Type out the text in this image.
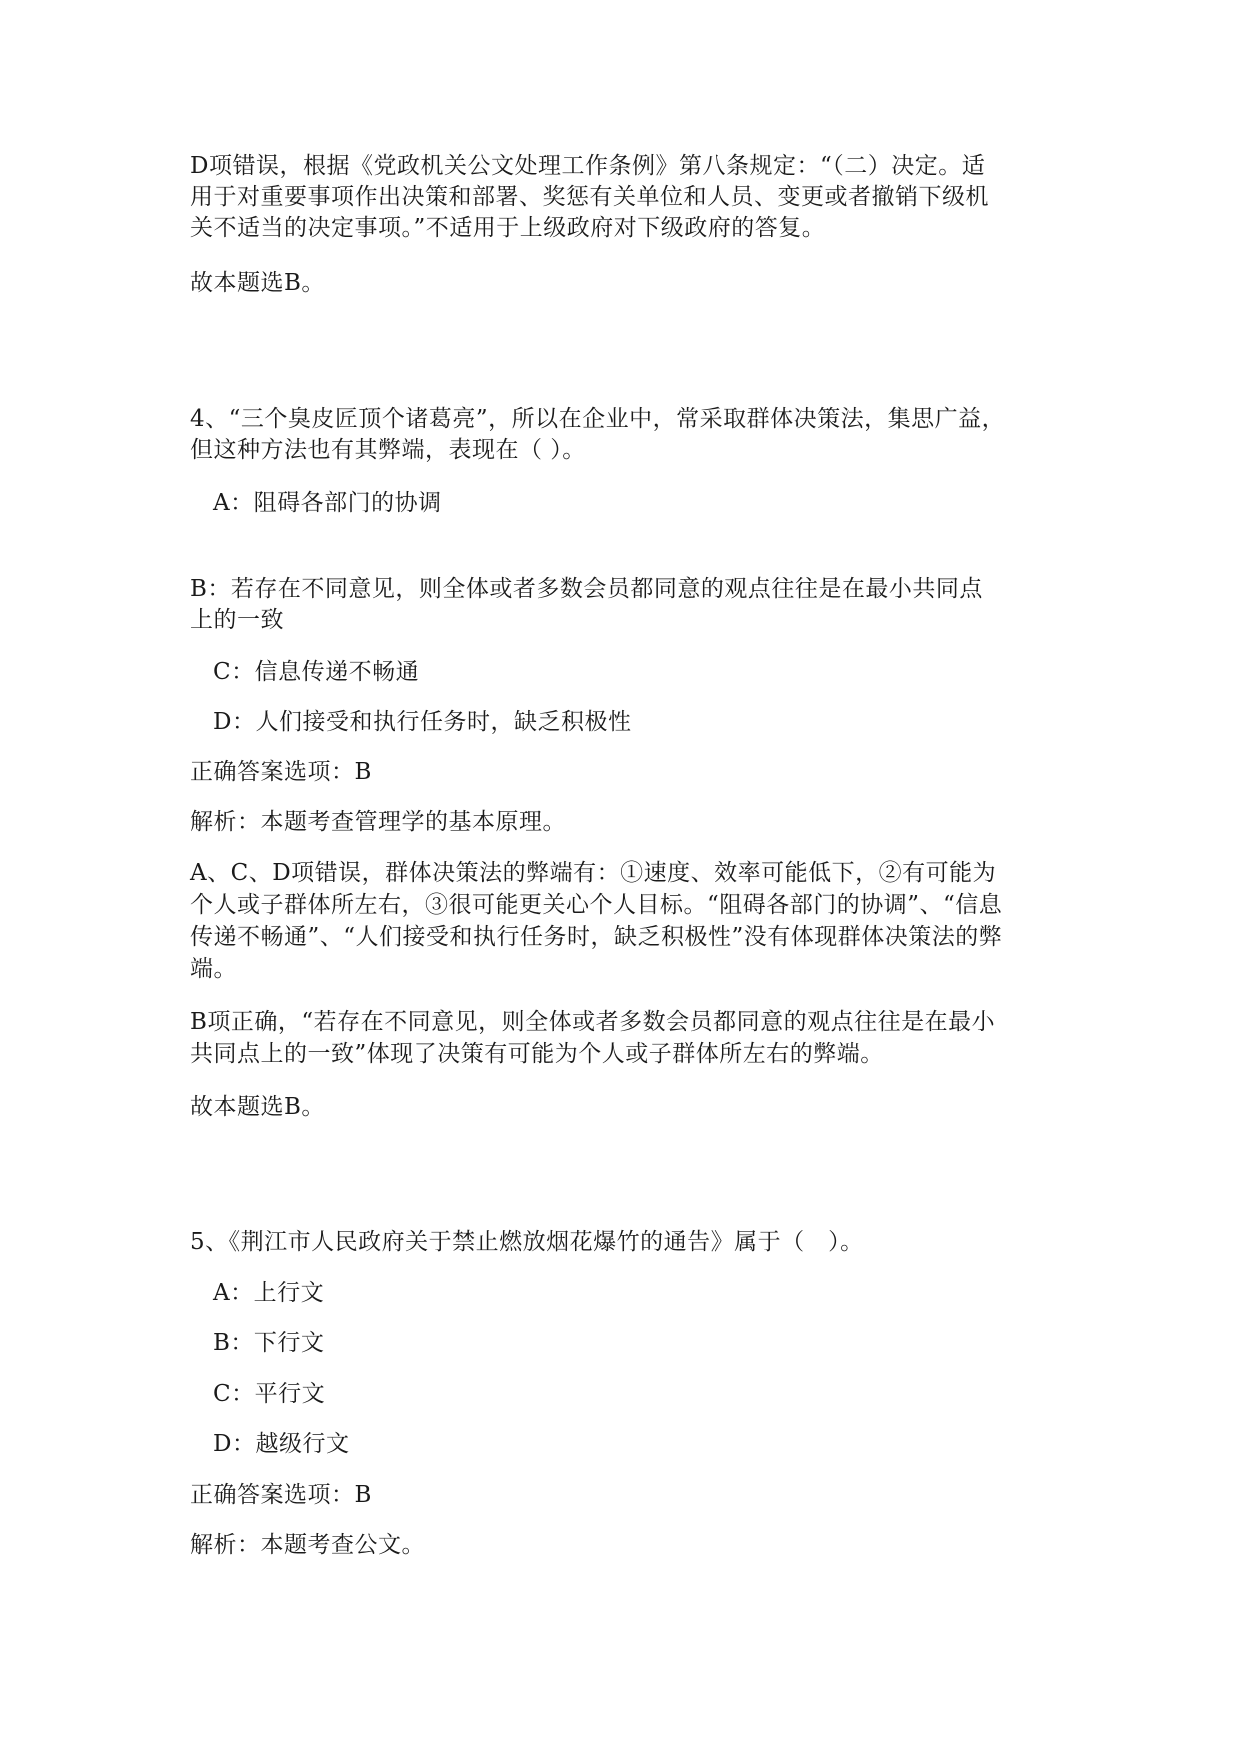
D项错误，根据《党政机关公文处理工作条例》第八条规定：“（二）决定。适
用于对重要事项作出决策和部署、奖惩有关单位和人员、变更或者撤销下级机
关不适当的决定事项。”不适用于上级政府对下级政府的答复。
故本题选B。
4、“三个臭皮匠顶个诸葛亮”，所以在企业中，常采取群体决策法，集思广益，
但这种方法也有其弊端，表现在（ ）。
A：阻碍各部门的协调
B：若存在不同意见，则全体或者多数会员都同意的观点往往是在最小共同点
上的一致
C：信息传递不畅通
D：人们接受和执行任务时，缺乏积极性
正确答案选项：B
解析：本题考查管理学的基本原理。
A、C、D项错误，群体决策法的弊端有：①速度、效率可能低下，②有可能为
个人或子群体所左右，③很可能更关心个人目标。“阻碍各部门的协调”、“信息
传递不畅通”、“人们接受和执行任务时，缺乏积极性”没有体现群体决策法的弊
端。
B项正确，“若存在不同意见，则全体或者多数会员都同意的观点往往是在最小
共同点上的一致”体现了决策有可能为个人或子群体所左右的弊端。
故本题选B。
5、《荆江市人民政府关于禁止燃放烟花爆竹的通告》属于（　）。
A：上行文
B：下行文
C：平行文
D：越级行文
正确答案选项：B
解析：本题考查公文。
